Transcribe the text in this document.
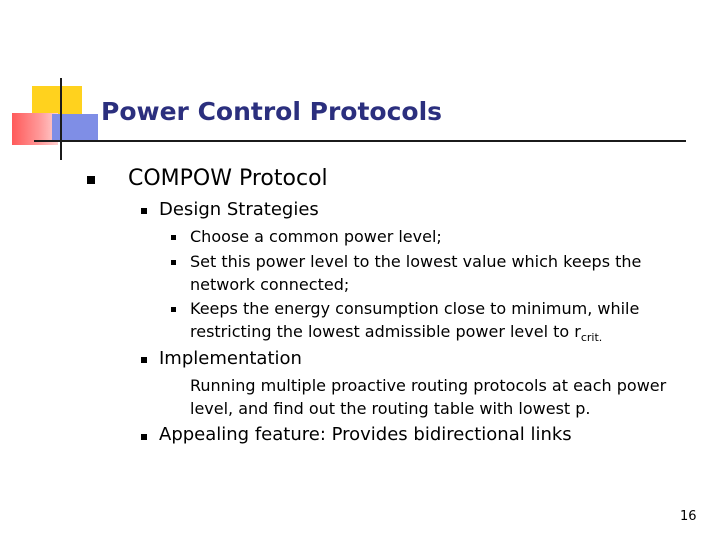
Power Control Protocols
COMPOW Protocol
Design Strategies
Choose a common power level;
Set this power level to the lowest value which keeps the
network connected;
Keeps the energy consumption close to minimum, while
restricting the lowest admissible power level to $r_{crit.}$
Implementation
Running multiple proactive routing protocols at each power
level, and find out the routing table with lowest p.
Appealing feature: Provides bidirectional links
16
